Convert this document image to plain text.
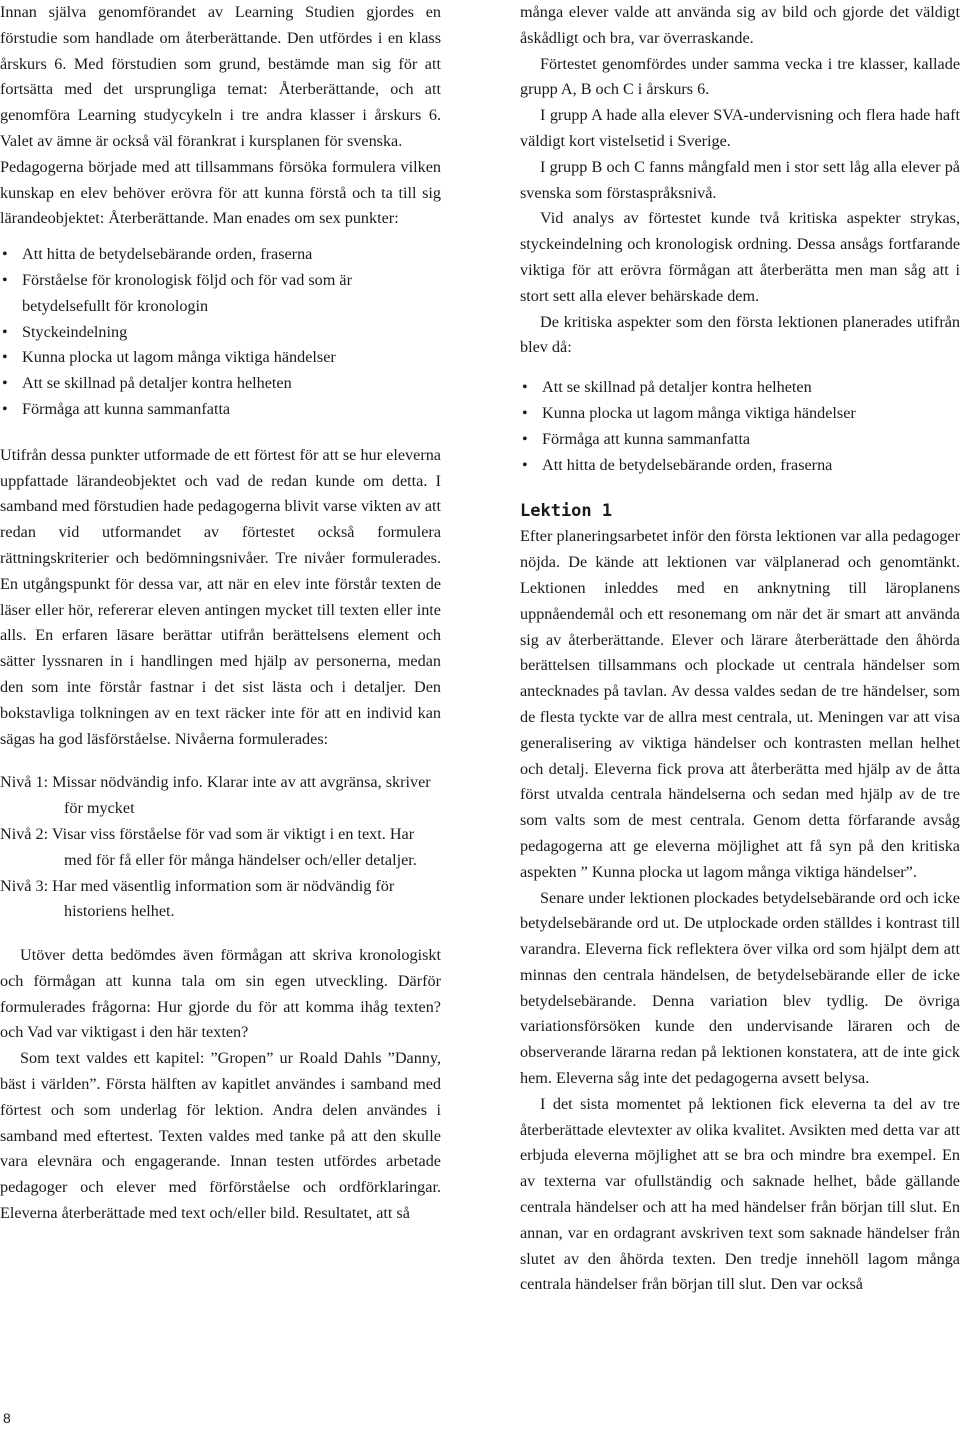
Innan själva genomförandet av Learning Studien gjordes en förstudie som handlade om återberättande. Den utfördes i en klass årskurs 6. Med förstudien som grund, bestämde man sig för att fortsätta med det ursprungliga temat: Återberättande, och att genomföra Learning studycykeln i tre andra klasser i årskurs 6. Valet av ämne är också väl förankrat i kursplanen för svenska.

Pedagogerna började med att tillsammans försöka formulera vilken kunskap en elev behöver erövra för att kunna förstå och ta till sig lärandeobjektet: Återberättande. Man enades om sex punkter:

• Att hitta de betydelsebärande orden, fraserna
• Förståelse för kronologisk följd och för vad som är betydelsefullt för kronologin
• Styckeindelning
• Kunna plocka ut lagom många viktiga händelser
• Att se skillnad på detaljer kontra helheten
• Förmåga att kunna sammanfatta

Utifrån dessa punkter utformade de ett förtest för att se hur eleverna uppfattade lärandeobjektet och vad de redan kunde om detta. I samband med förstudien hade pedagogerna blivit varse vikten av att redan vid utformandet av förtestet också formulera rättningskriterier och bedömningsnivåer. Tre nivåer formulerades. En utgångspunkt för dessa var, att när en elev inte förstår texten de läser eller hör, refererar eleven antingen mycket till texten eller inte alls. En erfaren läsare berättar utifrån berättelsens element och sätter lyssnaren in i handlingen med hjälp av personerna, medan den som inte förstår fastnar i det sist lästa och i detaljer. Den bokstavliga tolkningen av en text räcker inte för att en individ kan sägas ha god läsförståelse. Nivåerna formulerades:

Nivå 1: Missar nödvändig info. Klarar inte av att avgränsa, skriver för mycket

Nivå 2: Visar viss förståelse för vad som är viktigt i en text. Har med för få eller för många händelser och/eller detaljer.

Nivå 3: Har med väsentlig information som är nödvändig för historiens helhet.

Utöver detta bedömdes även förmågan att skriva kronologiskt och förmågan att kunna tala om sin egen utveckling. Därför formulerades frågorna: Hur gjorde du för att komma ihåg texten? och Vad var viktigast i den här texten?

Som text valdes ett kapitel: ”Gropen” ur Roald Dahls ”Danny, bäst i världen”. Första hälften av kapitlet användes i samband med förtest och som underlag för lektion. Andra delen användes i samband med eftertest. Texten valdes med tanke på att den skulle vara elevnära och engagerande. Innan testen utfördes arbetade pedagoger och elever med förförståelse och ordförklaringar. Eleverna återberättade med text och/eller bild. Resultatet, att så

många elever valde att använda sig av bild och gjorde det väldigt åskådligt och bra, var överraskande.

Förtestet genomfördes under samma vecka i tre klasser, kallade grupp A, B och C i årskurs 6.

I grupp A hade alla elever SVA-undervisning och flera hade haft väldigt kort vistelsetid i Sverige.

I grupp B och C fanns mångfald men i stor sett låg alla elever på svenska som förstaspråksnivå.

Vid analys av förtestet kunde två kritiska aspekter strykas, styckeindelning och kronologisk ordning. Dessa ansågs fortfarande viktiga för att erövra förmågan att återberätta men man såg att i stort sett alla elever behärskade dem.

De kritiska aspekter som den första lektionen planerades utifrån blev då:

• Att se skillnad på detaljer kontra helheten
• Kunna plocka ut lagom många viktiga händelser
• Förmåga att kunna sammanfatta
• Att hitta de betydelsebärande orden, fraserna
Lektion 1

Efter planeringsarbetet inför den första lektionen var alla pedagoger nöjda. De kände att lektionen var välplanerad och genomtänkt. Lektionen inleddes med en anknytning till läroplanens uppnåendemål och ett resonemang om när det är smart att använda sig av återberättande. Elever och lärare återberättade den åhörda berättelsen tillsammans och plockade ut centrala händelser som antecknades på tavlan. Av dessa valdes sedan de tre händelser, som de flesta tyckte var de allra mest centrala, ut. Meningen var att visa generalisering av viktiga händelser och kontrasten mellan helhet och detalj. Eleverna fick prova att återberätta med hjälp av de åtta först utvalda centrala händelserna och sedan med hjälp av de tre som valts som de mest centrala. Genom detta förfarande avsåg pedagogerna att ge eleverna möjlighet att få syn på den kritiska aspekten ” Kunna plocka ut lagom många viktiga händelser”.

Senare under lektionen plockades betydelsebärande ord och icke betydelsebärande ord ut. De utplockade orden ställdes i kontrast till varandra. Eleverna fick reflektera över vilka ord som hjälpt dem att minnas den centrala händelsen, de betydelsebärande eller de icke betydelsebärande. Denna variation blev tydlig. De övriga variationsförsöken kunde den undervisande läraren och de observerande lärarna redan på lektionen konstatera, att de inte gick hem. Eleverna såg inte det pedagogerna avsett belysa.

I det sista momentet på lektionen fick eleverna ta del av tre återberättade elevtexter av olika kvalitet. Avsikten med detta var att erbjuda eleverna möjlighet att se bra och mindre bra exempel. En av texterna var ofullständig och saknade helhet, både gällande centrala händelser och att ha med händelser från början till slut. En annan, var en ordagrant avskriven text som saknade händelser från slutet av den åhörda texten. Den tredje innehöll lagom många centrala händelser från början till slut. Den var också

8
